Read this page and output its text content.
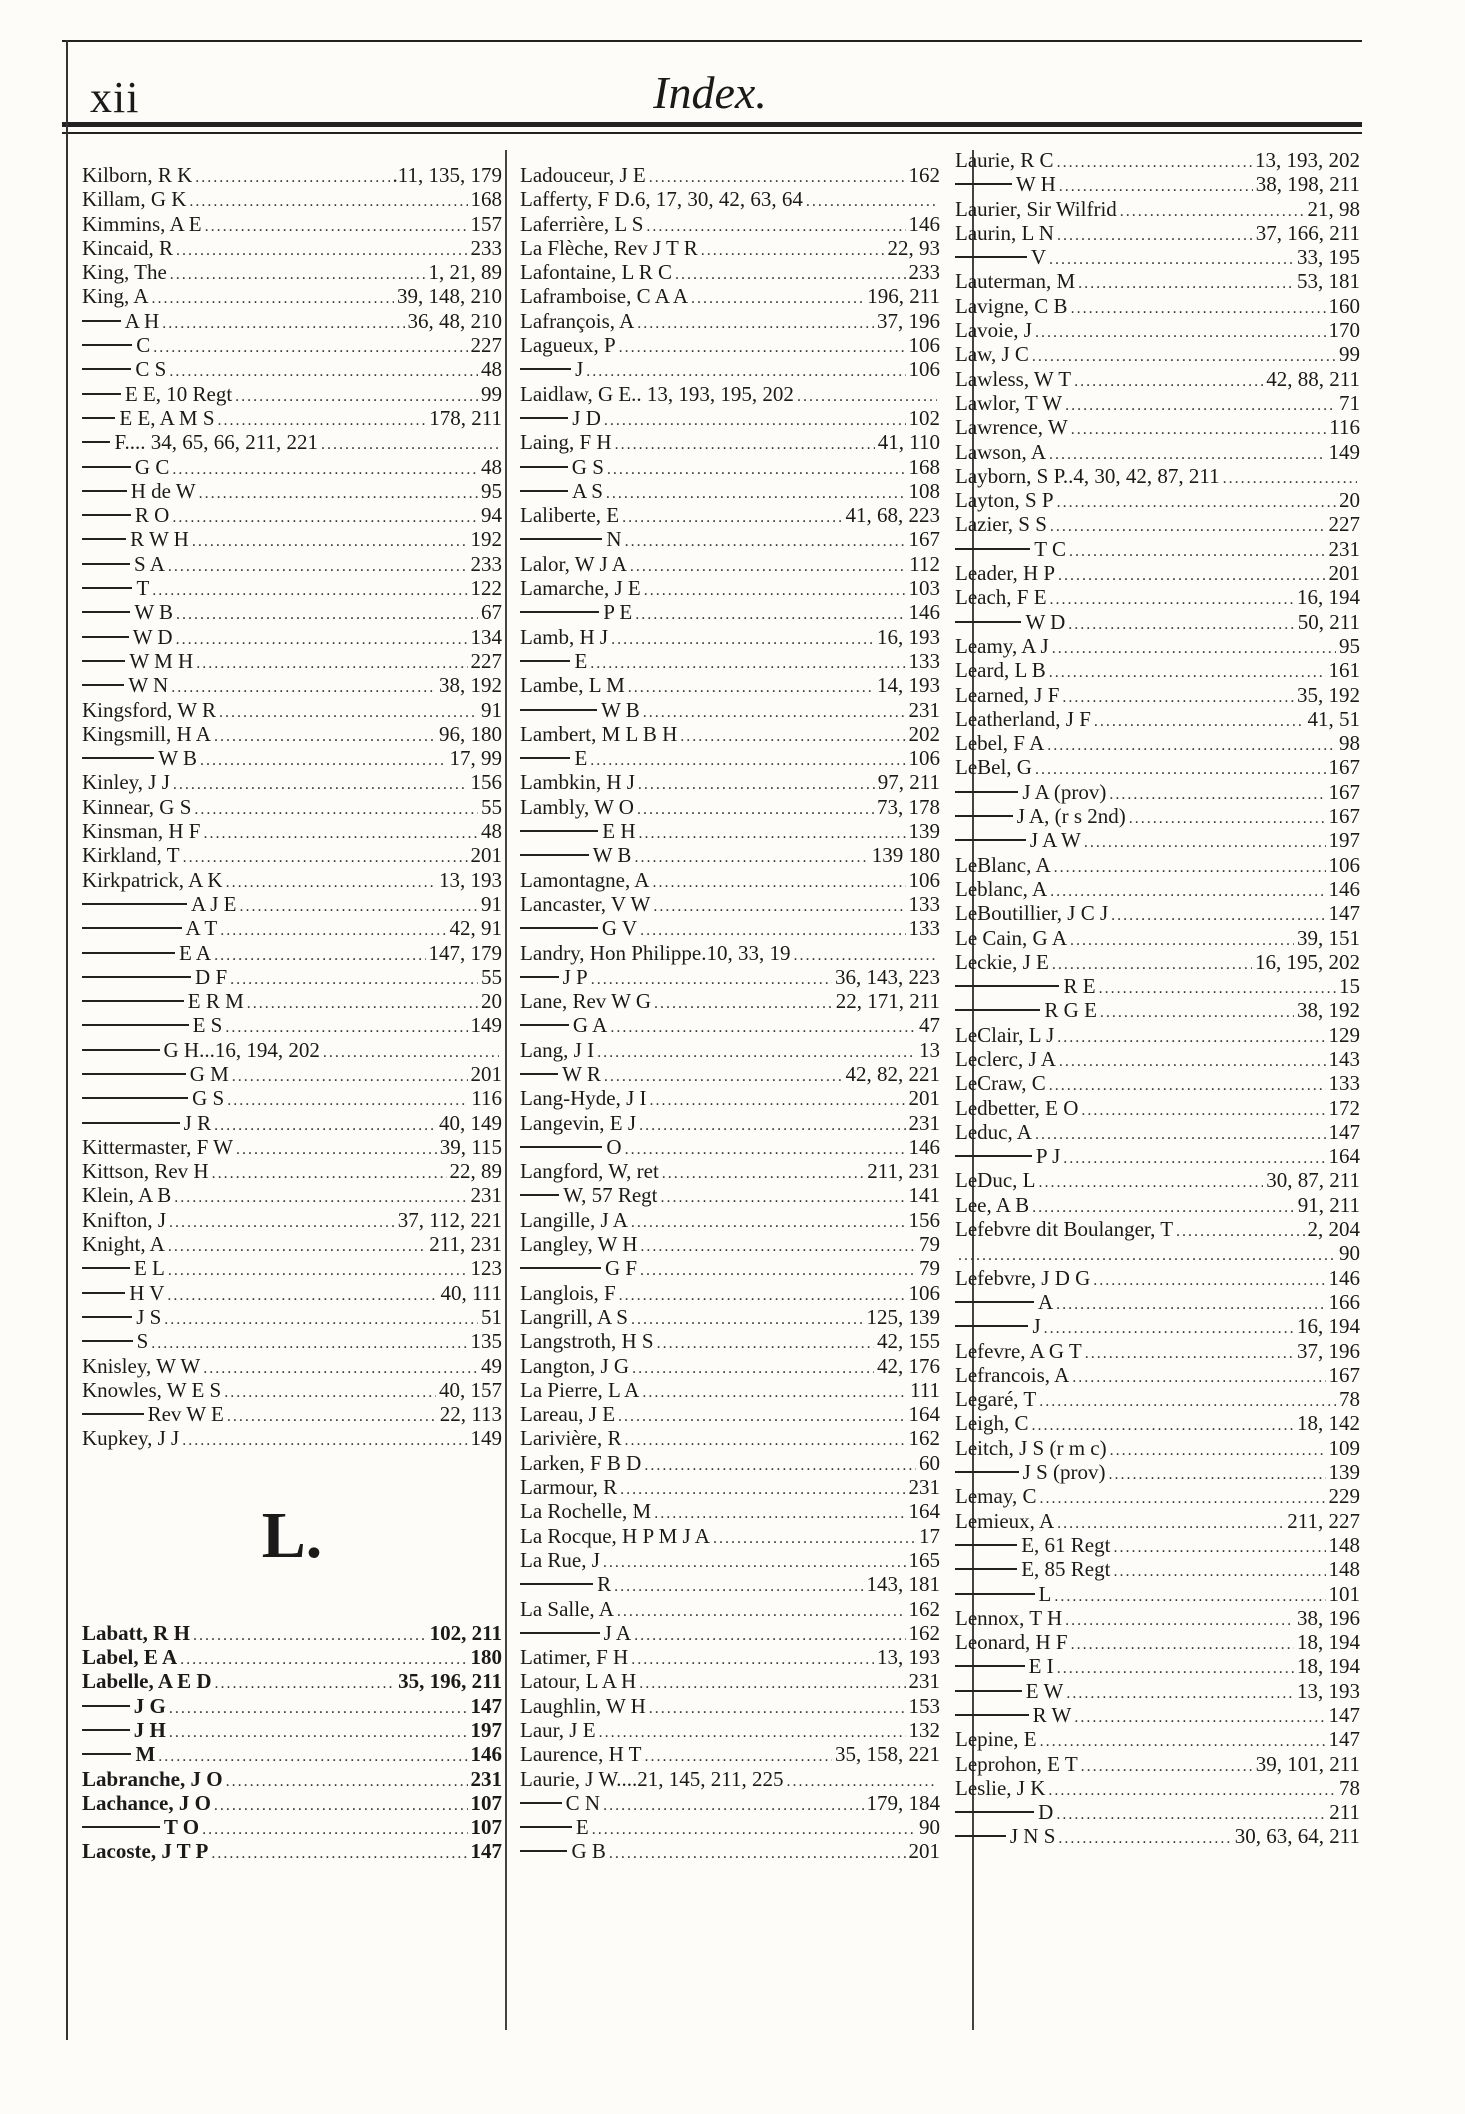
xii	Index.
Kilborn, R K . . .	.11, 135, 179
Killam, G K . . .	168
Kimmins, A E . . .	157
Kincaid, R . . .	233
King, The . . .	1, 21, 89
King, A . . .	39, 148, 210
A H . . .	36, 48, 210
C . . .	227
C S . . .	48
E E, 10 Regt . . .	99
E E, A M S . . .	178, 211
F.... 34, 65, 66, 211, 221
. . .
G C . . .	48
H de W . . .	95
R O . . .	94
R W H . . .	192
S A . . .	233
T . . .	122
W B . . .	67
W D . . .	134
W M H . . .	227
W N . . .	38, 192
Kingsford, W R . . .	91
Kingsmill, H A . . .	96, 180
W B . . .	17, 99
Kinley, J J . . .	156
Kinnear, G S . . .	55
Kinsman, H F . . .	48
Kirkland, T . . .	201
Kirkpatrick, A K . . .	13, 193
A J E . . .	91
A T . . .	42, 91
E A . . .	147, 179
D F . . .	55
E R M . . .	20
E S . . .	149
G H...16, 194, 202
. . .
G M . . .	201
G S . . .	116
J R . . .	40, 149
Kittermaster, F W . . .	39, 115
Kittson, Rev H . . .	22, 89
Klein, A B . . .	231
Knifton, J . . .	37, 112, 221
Knight, A . . .	211, 231
E L . . .	123
H V . . .	40, 111
J S . . .	51
S . . .	135
Knisley, W W . . .	49
Knowles, W E S . . .	40, 157
Rev W E . . .	22, 113
Kupkey, J J . . .	149
L.
Labatt, R H . . .	102, 211
Label, E A . . .	180
Labelle, A E D . . .	35, 196, 211
J G . . .	147
J H . . .	197
M . . .	146
Labranche, J O . . .	231
Lachance, J O . . .	107
T O . . .	107
Lacoste, J T P . . .	147
Ladouceur, J E . . .	162
Lafferty, F D.6, 17, 30, 42, 63, 64
. . .
Laferrière, L S . . .	146
La Flèche, Rev J T R . . .	22, 93
Lafontaine, L R C . . .	233
Laframboise, C A A . . .	196, 211
Lafrançois, A . . .	37, 196
Lagueux, P . . .	106
J . . .	106
Laidlaw, G E.. 13, 193, 195, 202
. . .
J D . . .	102
Laing, F H . . .	41, 110
G S . . .	168
A S . . .	108
Laliberte, E . . .	41, 68, 223
N . . .	167
Lalor, W J A . . .	112
Lamarche, J E . . .	103
P E . . .	146
Lamb, H J . . .	16, 193
E . . .	133
Lambe, L M . . .	14, 193
W B . . .	231
Lambert, M L B H . . .	202
E . . .	106
Lambkin, H J . . .	97, 211
Lambly, W O . . .	73, 178
E H . . .	139
W B . . .	139 180
Lamontagne, A . . .	106
Lancaster, V W . . .	133
G V . . .	133
Landry, Hon Philippe.10, 33, 19
. . .
J P . . .	36, 143, 223
Lane, Rev W G . . .	22, 171, 211
G A . . .	47
Lang, J I . . .	13
W R . . .	42, 82, 221
Lang-Hyde, J I . . .	201
Langevin, E J . . .	231
O . . .	146
Langford, W, ret . . .	211, 231
W, 57 Regt . . .	141
Langille, J A . . .	156
Langley, W H . . .	79
G F . . .	79
Langlois, F . . .	106
Langrill, A S . . .	125, 139
Langstroth, H S . . .	42, 155
Langton, J G . . .	42, 176
La Pierre, L A . . .	111
Lareau, J E . . .	164
Larivière, R . . .	162
Larken, F B D . . .	60
Larmour, R . . .	231
La Rochelle, M . . .	164
La Rocque, H P M J A . . .	17
La Rue, J . . .	165
R . . .	143, 181
La Salle, A . . .	162
J A . . .	162
Latimer, F H . . .	13, 193
Latour, L A H . . .	231
Laughlin, W H . . .	153
Laur, J E . . .	132
Laurence, H T . . .	35, 158, 221
Laurie, J W....21, 145, 211, 225
. . .
C N . . .	179, 184
E . . .	90
G B . . .	201
Laurie, R C . . .	13, 193, 202
W H . . .	38, 198, 211
Laurier, Sir Wilfrid . . .	21, 98
Laurin, L N . . .	37, 166, 211
V . . .	33, 195
Lauterman, M . . .	53, 181
Lavigne, C B . . .	160
Lavoie, J . . .	170
Law, J C . . .	99
Lawless, W T . . .	42, 88, 211
Lawlor, T W . . .	71
Lawrence, W . . .	116
Lawson, A . . .	149
Layborn, S P..4, 30, 42, 87, 211
. . .
Layton, S P . . .	20
Lazier, S S . . .	227
T C . . .	231
Leader, H P . . .	201
Leach, F E . . .	16, 194
W D . . .	50, 211
Leamy, A J . . .	95
Leard, L B . . .	161
Learned, J F . . .	35, 192
Leatherland, J F . . .	41, 51
Lebel, F A . . .	98
LeBel, G . . .	167
J A (prov) . . .	167
J A, (r s 2nd) . . .	167
J A W . . .	197
LeBlanc, A . . .	106
Leblanc, A . . .	146
LeBoutillier, J C J . . .	147
Le Cain, G A . . .	39, 151
Leckie, J E . . .	16, 195, 202
R E . . .	15
R G E . . .	38, 192
LeClair, L J . . .	129
Leclerc, J A . . .	143
LeCraw, C . . .	133
Ledbetter, E O . . .	172
Leduc, A . . .	147
P J . . .	164
LeDuc, L . . .	30, 87, 211
Lee, A B . . .	91, 211
Lefebvre dit Boulanger, T . . .	2, 204
. . .
90
Lefebvre, J D G . . .	146
A . . .	166
J . . .	16, 194
Lefevre, A G T . . .	37, 196
Lefrancois, A . . .	167
Legaré, T . . .	78
Leigh, C . . .	18, 142
Leitch, J S (r m c) . . .	109
J S (prov) . . .	139
Lemay, C . . .	229
Lemieux, A . . .	211, 227
E, 61 Regt . . .	148
E, 85 Regt . . .	148
L . . .	101
Lennox, T H . . .	38, 196
Leonard, H F . . .	18, 194
E I . . .	18, 194
E W . . .	13, 193
R W . . .	147
Lepine, E . . .	147
Leprohon, E T . . .	39, 101, 211
Leslie, J K . . .	78
D . . .	211
J N S . . .	30, 63, 64, 211
